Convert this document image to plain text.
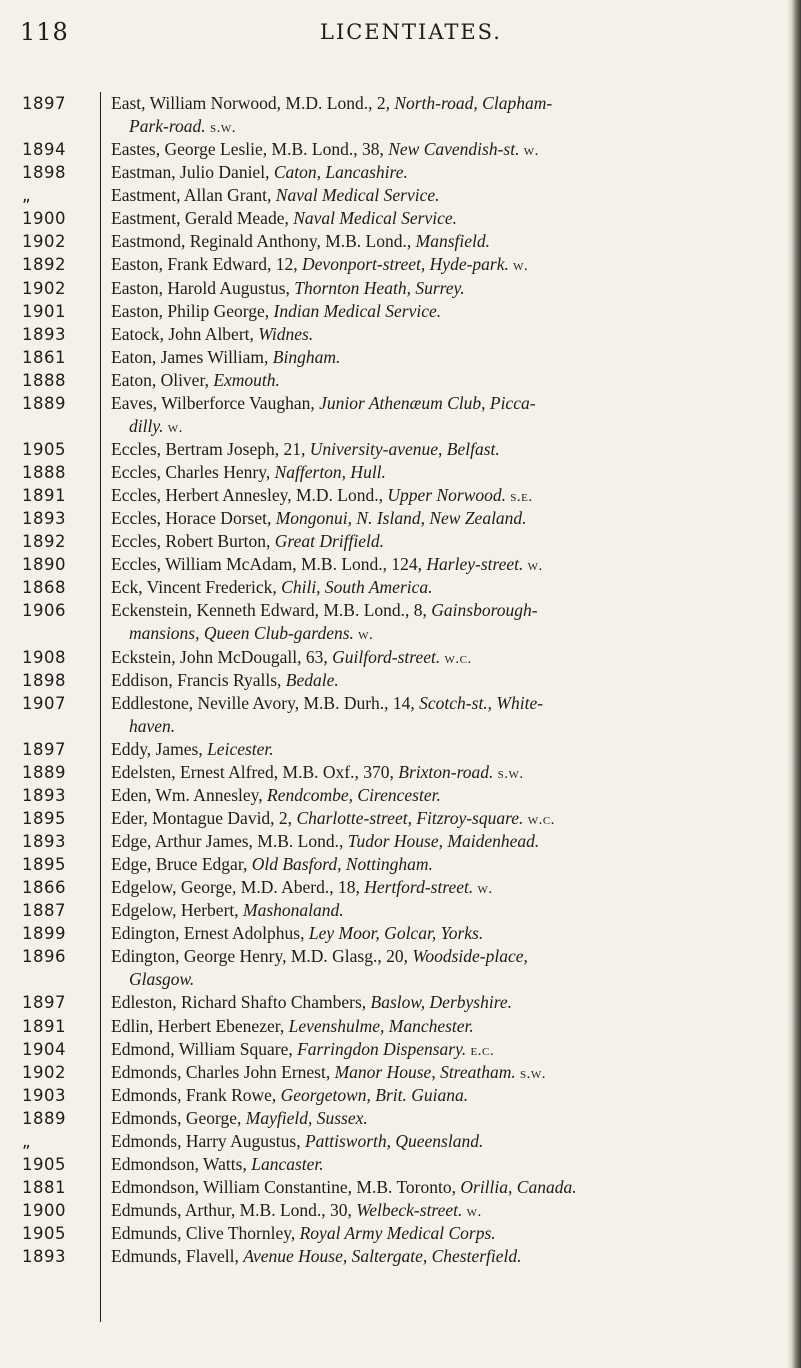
118	LICENTIATES.
1897
1894
1898
„
1900
1902
1892
1902
1901
1893
1861
1888
1889
1905
1888
1891
1893
1892
1890
1868
1906
1908
1898
1907
1897
1889
1893
1895
1893
1895
1866
1887
1899
1896
1897
1891
1904
1902
1903
1889
„
1905
1881
1900
1905
1893
East, William Norwood, M.D. Lond., 2, North-road, Clapham-
Park-road. s.w.
Eastes, George Leslie, M.B. Lond., 38, New Cavendish-st. w.
Eastman, Julio Daniel, Caton, Lancashire.
Eastment, Allan Grant, Naval Medical Service.
Eastment, Gerald Meade, Naval Medical Service.
Eastmond, Reginald Anthony, M.B. Lond., Mansfield.
Easton, Frank Edward, 12, Devonport-street, Hyde-park. w.
Easton, Harold Augustus, Thornton Heath, Surrey.
Easton, Philip George, Indian Medical Service.
Eatock, John Albert, Widnes.
Eaton, James William, Bingham.
Eaton, Oliver, Exmouth.
Eaves, Wilberforce Vaughan, Junior Athenæum Club, Picca-
dilly. w.
Eccles, Bertram Joseph, 21, University-avenue, Belfast.
Eccles, Charles Henry, Nafferton, Hull.
Eccles, Herbert Annesley, M.D. Lond., Upper Norwood. s.e.
Eccles, Horace Dorset, Mongonui, N. Island, New Zealand.
Eccles, Robert Burton, Great Driffield.
Eccles, William McAdam, M.B. Lond., 124, Harley-street. w.
Eck, Vincent Frederick, Chili, South America.
Eckenstein, Kenneth Edward, M.B. Lond., 8, Gainsborough-
mansions, Queen Club-gardens. w.
Eckstein, John McDougall, 63, Guilford-street. w.c.
Eddison, Francis Ryalls, Bedale.
Eddlestone, Neville Avory, M.B. Durh., 14, Scotch-st., White-
haven.
Eddy, James, Leicester.
Edelsten, Ernest Alfred, M.B. Oxf., 370, Brixton-road. s.w.
Eden, Wm. Annesley, Rendcombe, Cirencester.
Eder, Montague David, 2, Charlotte-street, Fitzroy-square. w.c.
Edge, Arthur James, M.B. Lond., Tudor House, Maidenhead.
Edge, Bruce Edgar, Old Basford, Nottingham.
Edgelow, George, M.D. Aberd., 18, Hertford-street. w.
Edgelow, Herbert, Mashonaland.
Edington, Ernest Adolphus, Ley Moor, Golcar, Yorks.
Edington, George Henry, M.D. Glasg., 20, Woodside-place,
Glasgow.
Edleston, Richard Shafto Chambers, Baslow, Derbyshire.
Edlin, Herbert Ebenezer, Levenshulme, Manchester.
Edmond, William Square, Farringdon Dispensary. e.c.
Edmonds, Charles John Ernest, Manor House, Streatham. s.w.
Edmonds, Frank Rowe, Georgetown, Brit. Guiana.
Edmonds, George, Mayfield, Sussex.
Edmonds, Harry Augustus, Pattisworth, Queensland.
Edmondson, Watts, Lancaster.
Edmondson, William Constantine, M.B. Toronto, Orillia, Canada.
Edmunds, Arthur, M.B. Lond., 30, Welbeck-street. w.
Edmunds, Clive Thornley, Royal Army Medical Corps.
Edmunds, Flavell, Avenue House, Saltergate, Chesterfield.
